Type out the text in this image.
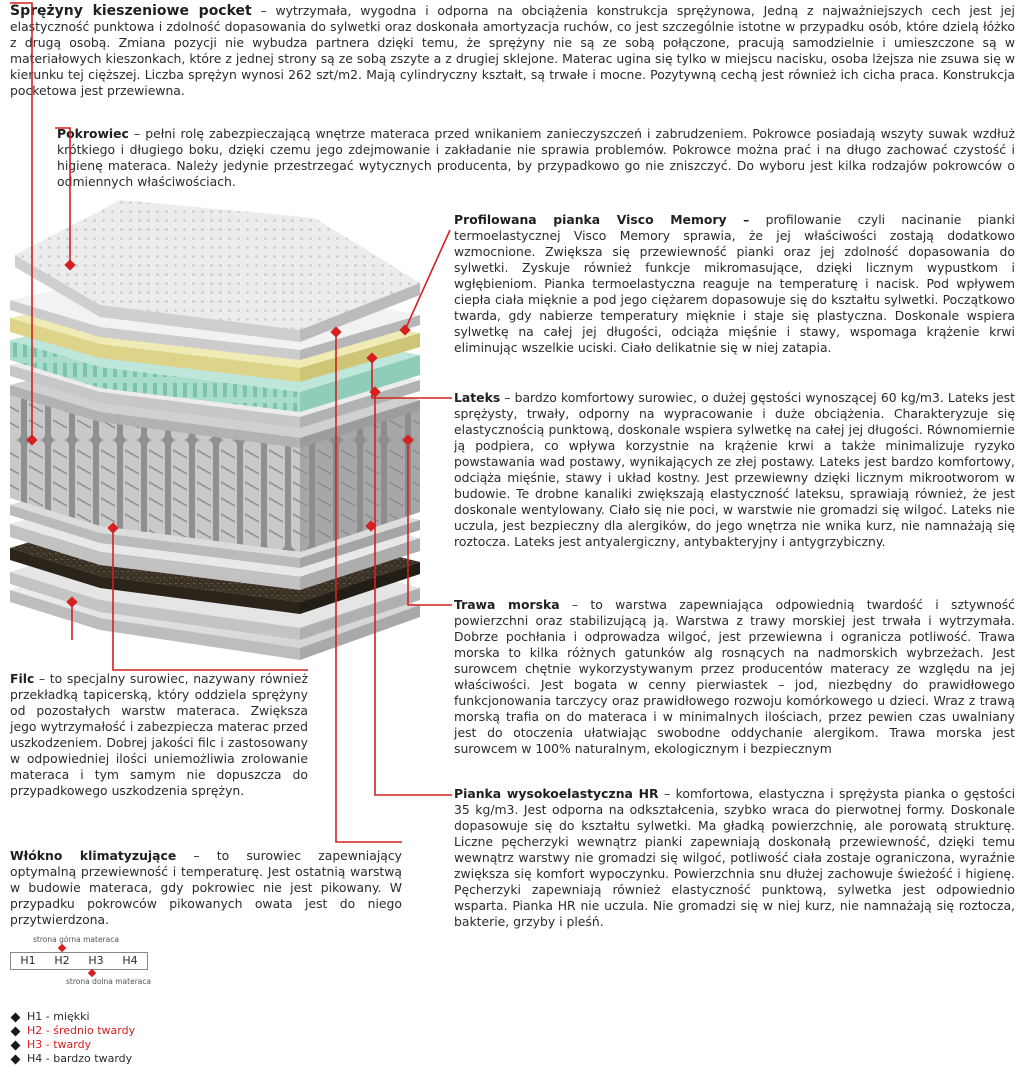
Sprężyny kieszeniowe pocket – wytrzymała, wygodna i odporna na obciążenia konstrukcja sprężynowa, Jedną z najważniejszych cech jest jej elastyczność punktowa i zdolność dopasowania do sylwetki oraz doskonała amortyzacja ruchów, co jest szczególnie istotne w przypadku osób, które dzielą łóżko z drugą osobą. Zmiana pozycji nie wybudza partnera dzięki temu, że sprężyny nie są ze sobą połączone, pracują samodzielnie i umieszczone są w materiałowych kieszonkach, które z jednej strony są ze sobą zszyte a z drugiej sklejone. Materac ugina się tylko w miejscu nacisku, osoba lżejsza nie zsuwa się w kierunku tej cięższej. Liczba sprężyn wynosi 262 szt/m2. Mają cylindryczny kształt, są trwałe i mocne. Pozytywną cechą jest również ich cicha praca. Konstrukcja pocketowa jest przewiewna.

Pokrowiec – pełni rolę zabezpieczającą wnętrze materaca przed wnikaniem zanieczyszczeń i zabrudzeniem. Pokrowce posiadają wszyty suwak wzdłuż krótkiego i długiego boku, dzięki czemu jego zdejmowanie i zakładanie nie sprawia problemów. Pokrowce można prać i na długo zachować czystość i higienę materaca. Należy jedynie przestrzegać wytycznych producenta, by przypadkowo go nie zniszczyć. Do wyboru jest kilka rodzajów pokrowców o odmiennych właściwościach.

Profilowana pianka Visco Memory – profilowanie czyli nacinanie pianki termoelastycznej Visco Memory sprawia, że jej właściwości zostają dodatkowo wzmocnione. Zwiększa się przewiewność pianki oraz jej zdolność dopasowania do sylwetki. Zyskuje również funkcje mikromasujące, dzięki licznym wypustkom i wgłębieniom. Pianka termoelastyczna reaguje na temperaturę i nacisk. Pod wpływem ciepła ciała mięknie a pod jego ciężarem dopasowuje się do kształtu sylwetki. Początkowo twarda, gdy nabierze temperatury mięknie i staje się plastyczna. Doskonale wspiera sylwetkę na całej jej długości, odciąża mięśnie i stawy, wspomaga krążenie krwi eliminując wszelkie uciski. Ciało delikatnie się w niej zatapia.

Lateks – bardzo komfortowy surowiec, o dużej gęstości wynoszącej 60 kg/m3. Lateks jest sprężysty, trwały, odporny na wypracowanie i duże obciążenia. Charakteryzuje się elastycznością punktową, doskonale wspiera sylwetkę na całej jej długości. Równomiernie ją podpiera, co wpływa korzystnie na krążenie krwi a także minimalizuje ryzyko powstawania wad postawy, wynikających ze złej postawy. Lateks jest bardzo komfortowy, odciąża mięśnie, stawy i układ kostny. Jest przewiewny dzięki licznym mikrootworom w budowie. Te drobne kanaliki zwiększają elastyczność lateksu, sprawiają również, że jest doskonale wentylowany. Ciało się nie poci, w warstwie nie gromadzi się wilgoć. Lateks nie uczula, jest bezpieczny dla alergików, do jego wnętrza nie wnika kurz, nie namnażają się roztocza. Lateks jest antyalergiczny, antybakteryjny i antygrzybiczny.

Trawa morska – to warstwa zapewniająca odpowiednią twardość i sztywność powierzchni oraz stabilizującą ją. Warstwa z trawy morskiej jest trwała i wytrzymała. Dobrze pochłania i odprowadza wilgoć, jest przewiewna i ogranicza potliwość. Trawa morska to kilka różnych gatunków alg rosnących na nadmorskich wybrzeżach. Jest surowcem chętnie wykorzystywanym przez producentów materacy ze względu na jej właściwości. Jest bogata w cenny pierwiastek – jod, niezbędny do prawidłowego funkcjonowania tarczycy oraz prawidłowego rozwoju komórkowego u dzieci. Wraz z trawą morską trafia on do materaca i w minimalnych ilościach, przez pewien czas uwalniany jest do otoczenia ułatwiając swobodne oddychanie alergikom. Trawa morska jest surowcem w 100% naturalnym, ekologicznym i bezpiecznym

Pianka wysokoelastyczna HR – komfortowa, elastyczna i sprężysta pianka o gęstości 35 kg/m3. Jest odporna na odkształcenia, szybko wraca do pierwotnej formy. Doskonale dopasowuje się do kształtu sylwetki. Ma gładką powierzchnię, ale porowatą strukturę. Liczne pęcherzyki wewnątrz pianki zapewniają doskonałą przewiewność, dzięki temu wewnątrz warstwy nie gromadzi się wilgoć, potliwość ciała zostaje ograniczona, wyraźnie zwiększa się komfort wypoczynku. Powierzchnia snu dłużej zachowuje świeżość i higienę. Pęcherzyki zapewniają również elastyczność punktową, sylwetka jest odpowiednio wsparta. Pianka HR nie uczula. Nie gromadzi się w niej kurz, nie namnażają się roztocza, bakterie, grzyby i pleśń.

Filc – to specjalny surowiec, nazywany również przekładką tapicerską, który oddziela sprężyny od pozostałych warstw materaca. Zwiększa jego wytrzymałość i zabezpiecza materac przed uszkodzeniem. Dobrej jakości filc i zastosowany w odpowiedniej ilości uniemożliwia zrolowanie materaca i tym samym nie dopuszcza do przypadkowego uszkodzenia sprężyn.

Włókno klimatyzujące – to surowiec zapewniający optymalną przewiewność i temperaturę. Jest ostatnią warstwą w budowie materaca, gdy pokrowiec nie jest pikowany. W przypadku pokrowców pikowanych owata jest do niego przytwierdzona.

strona górna materaca
H1	H2	H3	H4
strona dolna materaca
H1 - miękki
H2 - średnio twardy
H3 - twardy
H4 - bardzo twardy
